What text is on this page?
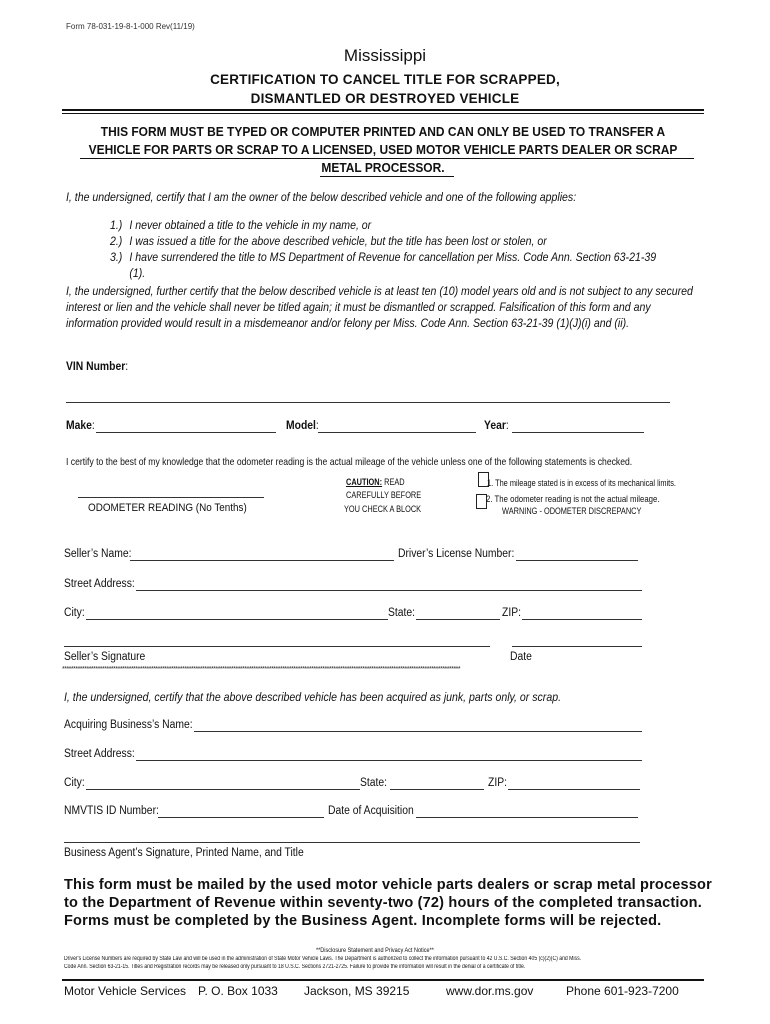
Form 78-031-19-8-1-000 Rev(11/19)
Mississippi
CERTIFICATION TO CANCEL TITLE FOR SCRAPPED,
DISMANTLED OR DESTROYED VEHICLE
THIS FORM MUST BE TYPED OR COMPUTER PRINTED AND CAN ONLY BE USED TO TRANSFER A VEHICLE FOR PARTS OR SCRAP TO A LICENSED, USED MOTOR VEHICLE PARTS DEALER OR SCRAP METAL PROCESSOR.
I, the undersigned, certify that I am the owner of the below described vehicle and one of the following applies:
1.) I never obtained a title to the vehicle in my name, or
2.) I was issued a title for the above described vehicle, but the title has been lost or stolen, or
3.) I have surrendered the title to MS Department of Revenue for cancellation per Miss. Code Ann. Section 63-21-39
(1).
I, the undersigned, further certify that the below described vehicle is at least ten (10) model years old and is not subject to any secured interest or lien and the vehicle shall never be titled again; it must be dismantled or scrapped. Falsification of this form and any information provided would result in a misdemeanor and/or felony per Miss. Code Ann. Section 63-21-39 (1)(J)(i) and (ii).
VIN Number:
Make:	Model:	Year:
I certify to the best of my knowledge that the odometer reading is the actual mileage of the vehicle unless one of the following statements is checked.
ODOMETER READING (No Tenths)
CAUTION: READ
CAREFULLY BEFORE
YOU CHECK A BLOCK
1. The mileage stated is in excess of its mechanical limits.
2. The odometer reading is not the actual mileage.
WARNING - ODOMETER DISCREPANCY
Seller’s Name:	Driver’s License Number:
Street Address:
City:	State:	ZIP:
Seller’s Signature	Date
***********************************************************************************************************************************************************************************
I, the undersigned, certify that the above described vehicle has been acquired as junk, parts only, or scrap.
Acquiring Business’s Name:
Street Address:
City:	State:	ZIP:
NMVTIS ID Number:	Date of Acquisition
Business Agent’s Signature, Printed Name, and Title
This form must be mailed by the used motor vehicle parts dealers or scrap metal processor to the Department of Revenue within seventy-two (72) hours of the completed transaction. Forms must be completed by the Business Agent. Incomplete forms will be rejected.
**Disclosure Statement and Privacy Act Notice**
Driver's License Numbers are required by State Law and will be used in the administration of State Motor Vehicle Laws. The Department is authorized to collect the information pursuant to 42 U.S.C. Section 405 (c)(2)(C) and Miss.
Code Ann. Section 63-21-15. Titles and Registration records may be released only pursuant to 18 U.S.C. Sections 2721-2725. Failure to provide the information will result in the denial of a certificate of title.
Motor Vehicle Services P. O. Box 1033 Jackson, MS 39215	www.dor.ms.gov	Phone 601-923-7200
